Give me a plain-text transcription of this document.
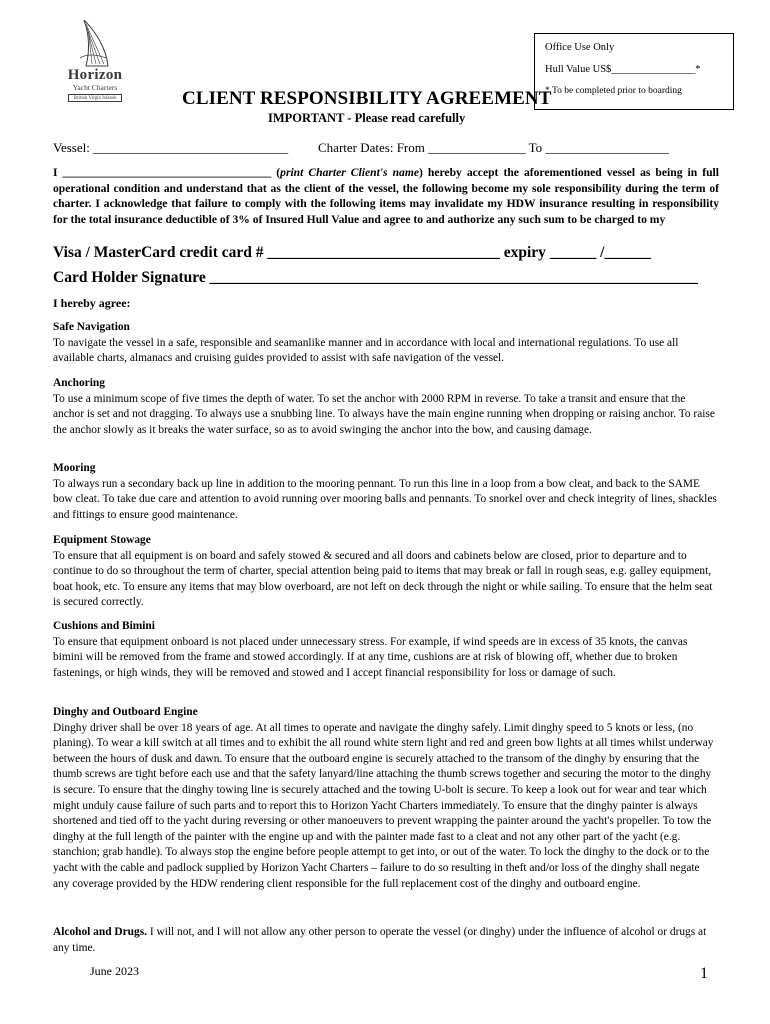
Horizon
Yacht Charters
British Virgin Islands
Office Use Only
Hull Value US$________________*
* To be completed prior to boarding
CLIENT RESPONSIBILITY AGREEMENT
IMPORTANT - Please read carefully
Vessel: ______________________________ Charter Dates: From _______________ To ___________________
I ____________________________________ (print Charter Client's name) hereby accept the aforementioned vessel as being in full operational condition and understand that as the client of the vessel, the following become my sole responsibility during the term of charter. I acknowledge that failure to comply with the following items may invalidate my HDW insurance resulting in responsibility for the total insurance deductible of 3% of Insured Hull Value and agree to and authorize any such sum to be charged to my
Visa / MasterCard credit card # ______________________________ expiry ______ /______
Card Holder Signature _______________________________________________________________
I hereby agree:
Safe Navigation
To navigate the vessel in a safe, responsible and seamanlike manner and in accordance with local and international regulations. To use all available charts, almanacs and cruising guides provided to assist with safe navigation of the vessel.
Anchoring
To use a minimum scope of five times the depth of water. To set the anchor with 2000 RPM in reverse. To take a transit and ensure that the anchor is set and not dragging. To always use a snubbing line. To always have the main engine running when dropping or raising anchor. To raise the anchor slowly as it breaks the water surface, so as to avoid swinging the anchor into the bow, and causing damage.
Mooring
To always run a secondary back up line in addition to the mooring pennant. To run this line in a loop from a bow cleat, and back to the SAME bow cleat. To take due care and attention to avoid running over mooring balls and pennants. To snorkel over and check integrity of lines, shackles and fittings to ensure good maintenance.
Equipment Stowage
To ensure that all equipment is on board and safely stowed & secured and all doors and cabinets below are closed, prior to departure and to continue to do so throughout the term of charter, special attention being paid to items that may break or fall in rough seas, e.g. galley equipment, boat hook, etc. To ensure any items that may blow overboard, are not left on deck through the night or while sailing. To ensure that the helm seat is secured correctly.
Cushions and Bimini
To ensure that equipment onboard is not placed under unnecessary stress. For example, if wind speeds are in excess of 35 knots, the canvas bimini will be removed from the frame and stowed accordingly. If at any time, cushions are at risk of blowing off, whether due to broken fastenings, or high winds, they will be removed and stowed and I accept financial responsibility for loss or damage of such.
Dinghy and Outboard Engine
Dinghy driver shall be over 18 years of age. At all times to operate and navigate the dinghy safely. Limit dinghy speed to 5 knots or less, (no planing). To wear a kill switch at all times and to exhibit the all round white stern light and red and green bow lights at all times whilst underway between the hours of dusk and dawn. To ensure that the outboard engine is securely attached to the transom of the dinghy by ensuring that the thumb screws are tight before each use and that the safety lanyard/line attaching the thumb screws together and securing the motor to the dinghy is secure. To ensure that the dinghy towing line is securely attached and the towing U-bolt is secure. To keep a look out for wear and tear which might unduly cause failure of such parts and to report this to Horizon Yacht Charters immediately. To ensure that the dinghy painter is always shortened and tied off to the yacht during reversing or other manoeuvers to prevent wrapping the painter around the yacht's propeller. To tow the dinghy at the full length of the painter with the engine up and with the painter made fast to a cleat and not any other part of the yacht (e.g. stanchion; grab handle). To always stop the engine before people attempt to get into, or out of the water. To lock the dinghy to the dock or to the yacht with the cable and padlock supplied by Horizon Yacht Charters – failure to do so resulting in theft and/or loss of the dinghy shall negate any coverage provided by the HDW rendering client responsible for the full replacement cost of the dinghy and outboard engine.
Alcohol and Drugs. I will not, and I will not allow any other person to operate the vessel (or dinghy) under the influence of alcohol or drugs at any time.
June 2023	1
